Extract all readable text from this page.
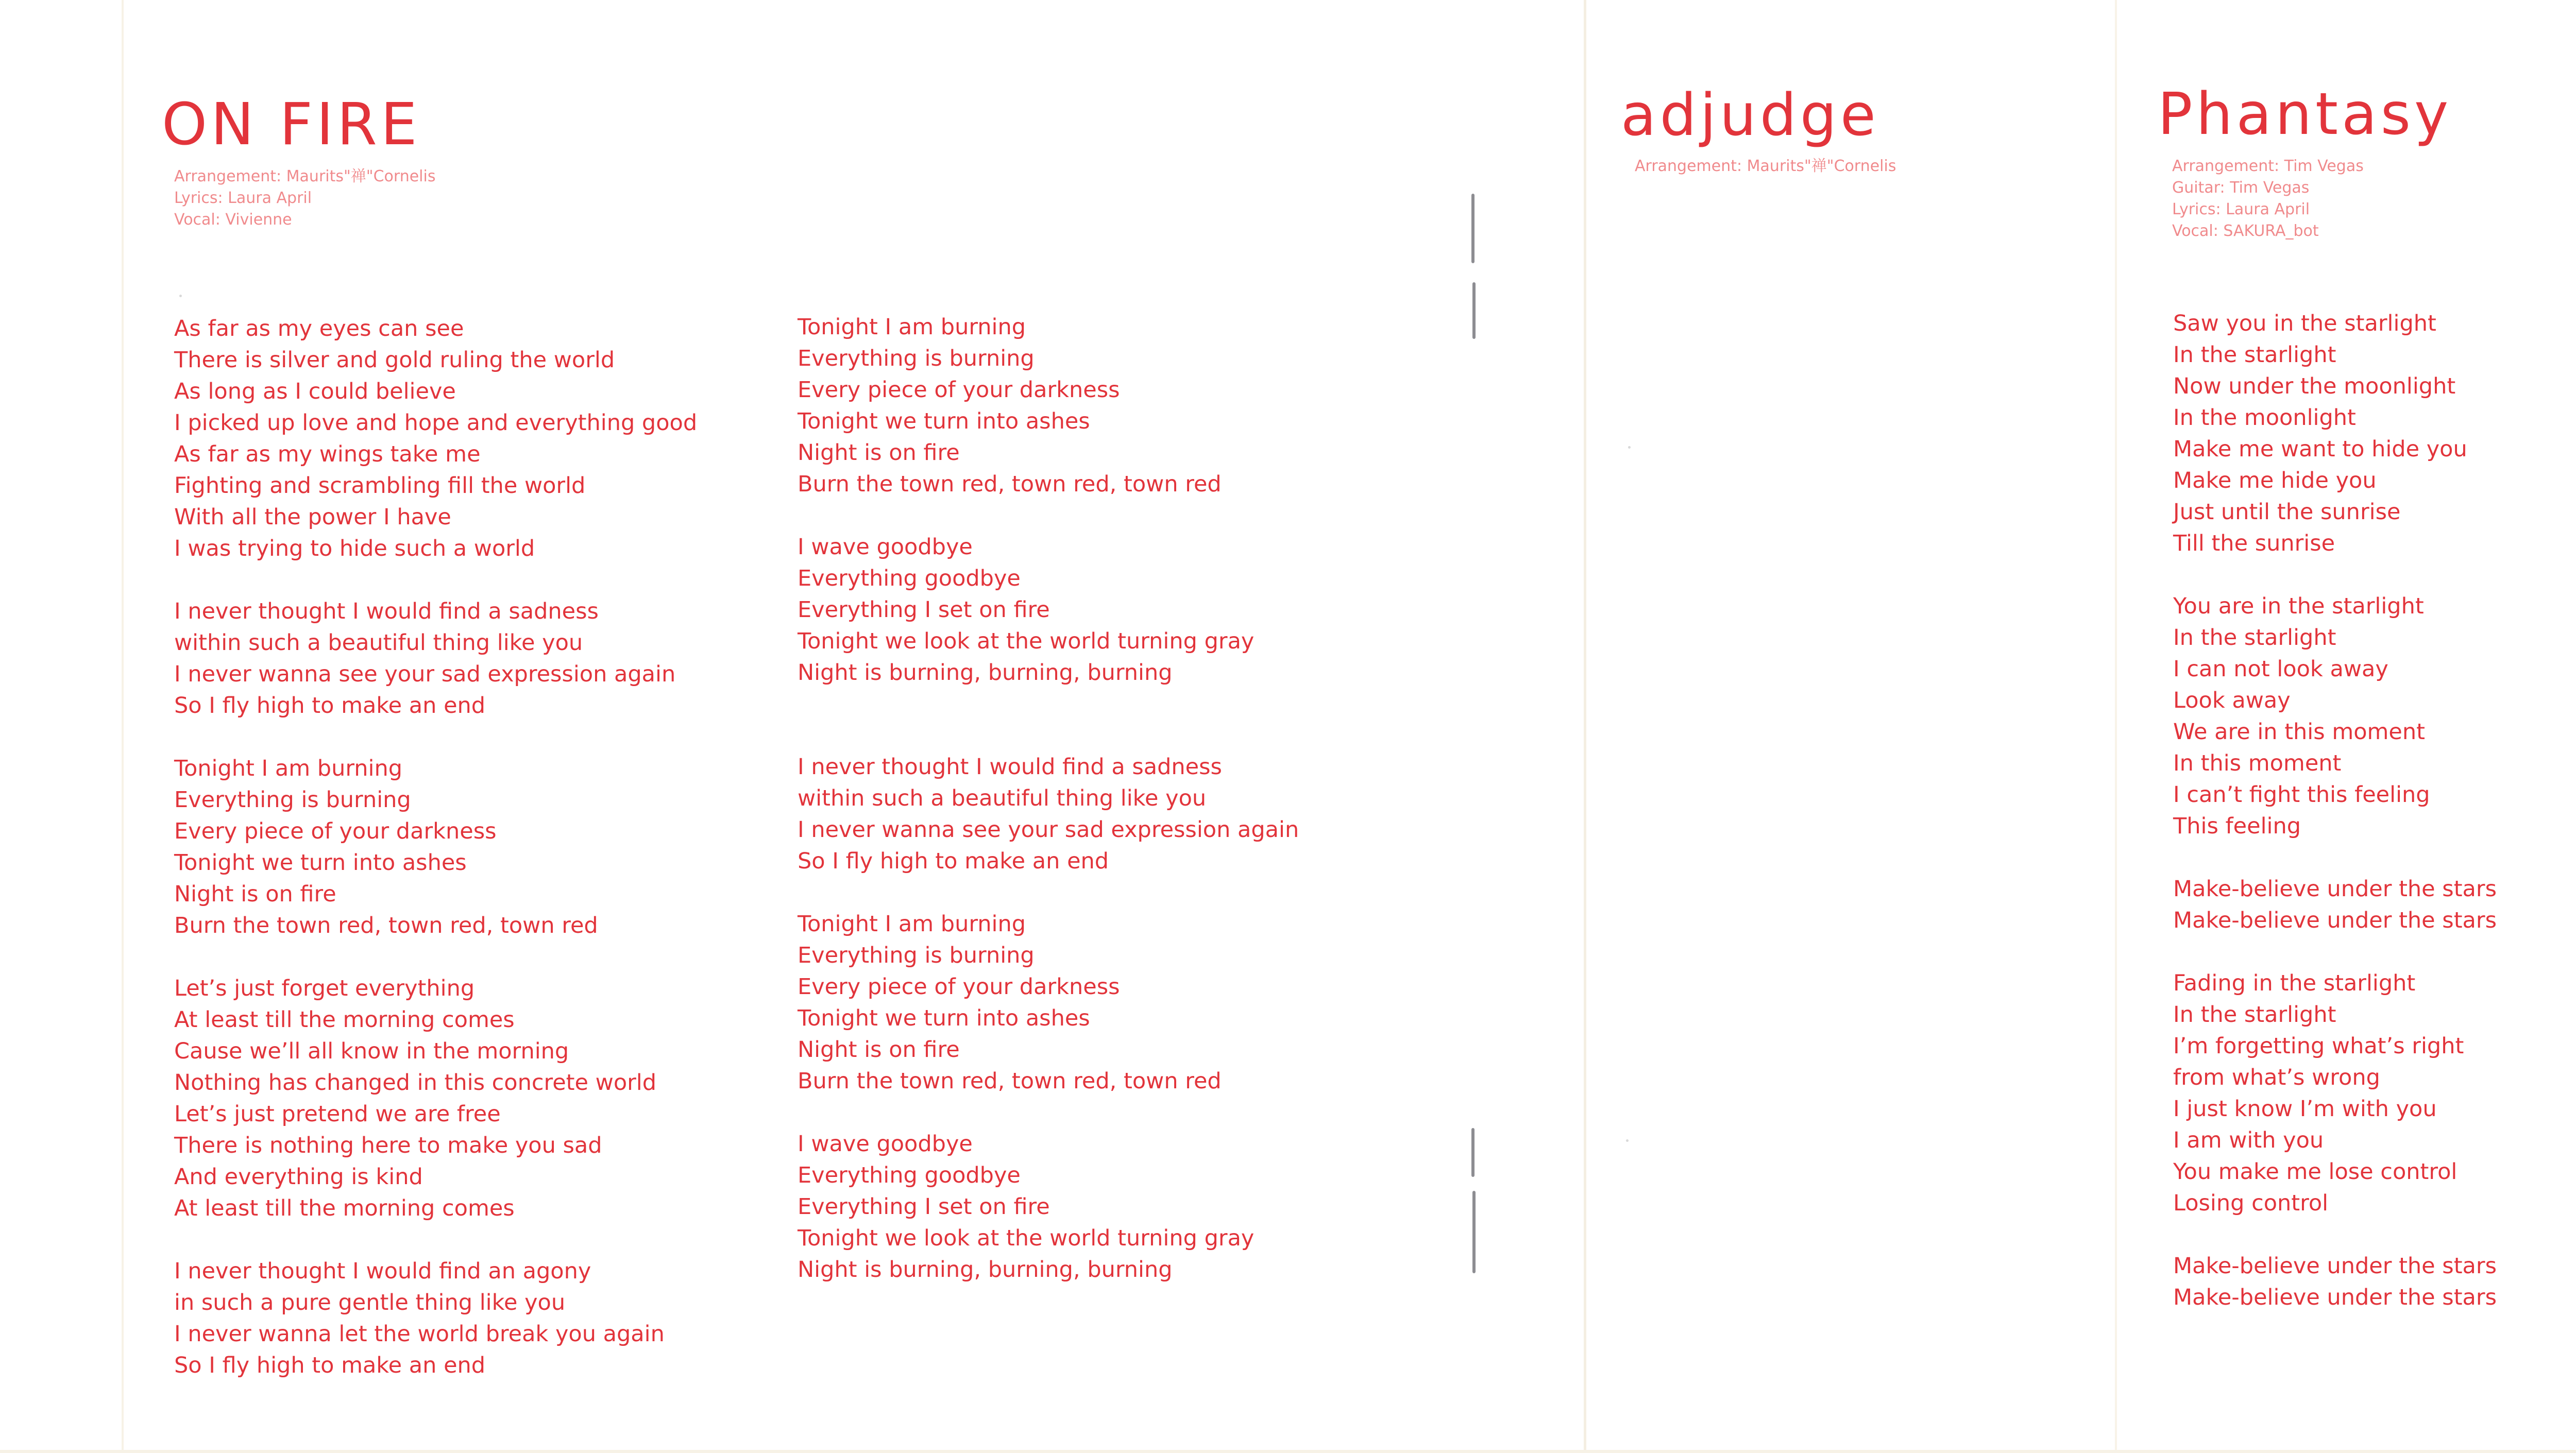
ON FIRE
Arrangement: Maurits"禅"Cornelis
Lyrics: Laura April
Vocal: Vivienne
As far as my eyes can see
There is silver and gold ruling the world
As long as I could believe
I picked up love and hope and everything good
As far as my wings take me
Fighting and scrambling fill the world
With all the power I have
I was trying to hide such a world
I never thought I would find a sadness
within such a beautiful thing like you
I never wanna see your sad expression again
So I fly high to make an end
Tonight I am burning
Everything is burning
Every piece of your darkness
Tonight we turn into ashes
Night is on fire
Burn the town red, town red, town red
Let’s just forget everything
At least till the morning comes
Cause we’ll all know in the morning
Nothing has changed in this concrete world
Let’s just pretend we are free
There is nothing here to make you sad
And everything is kind
At least till the morning comes
I never thought I would find an agony
in such a pure gentle thing like you
I never wanna let the world break you again
So I fly high to make an end
Tonight I am burning
Everything is burning
Every piece of your darkness
Tonight we turn into ashes
Night is on fire
Burn the town red, town red, town red
I wave goodbye
Everything goodbye
Everything I set on fire
Tonight we look at the world turning gray
Night is burning, burning, burning
I never thought I would find a sadness
within such a beautiful thing like you
I never wanna see your sad expression again
So I fly high to make an end
Tonight I am burning
Everything is burning
Every piece of your darkness
Tonight we turn into ashes
Night is on fire
Burn the town red, town red, town red
I wave goodbye
Everything goodbye
Everything I set on fire
Tonight we look at the world turning gray
Night is burning, burning, burning
adjudge
Arrangement: Maurits"禅"Cornelis
Phantasy
Arrangement: Tim Vegas
Guitar: Tim Vegas
Lyrics: Laura April
Vocal: SAKURA_bot
Saw you in the starlight
In the starlight
Now under the moonlight
In the moonlight
Make me want to hide you
Make me hide you
Just until the sunrise
Till the sunrise
You are in the starlight
In the starlight
I can not look away
Look away
We are in this moment
In this moment
I can’t fight this feeling
This feeling
Make-believe under the stars
Make-believe under the stars
Fading in the starlight
In the starlight
I’m forgetting what’s right
from what’s wrong
I just know I’m with you
I am with you
You make me lose control
Losing control
Make-believe under the stars
Make-believe under the stars
